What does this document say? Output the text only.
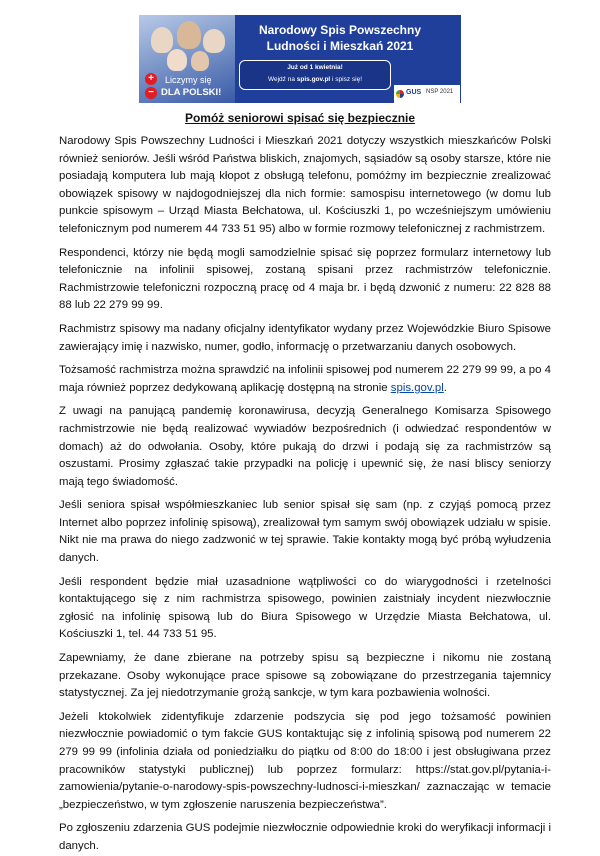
+
−
Liczymy się
DLA POLSKI!
Narodowy Spis Powszechny
Ludności i Mieszkań 2021
Już od 1 kwietnia!
Wejdź na spis.gov.pl i spisz się!
GUS NSP 2021
Pomóż seniorowi spisać się bezpiecznie

Narodowy Spis Powszechny Ludności i Mieszkań 2021 dotyczy wszystkich mieszkańców Polski również seniorów. Jeśli wśród Państwa bliskich, znajomych, sąsiadów są osoby starsze, które nie posiadają komputera lub mają kłopot z obsługą telefonu, pomóżmy im bezpiecznie zrealizować obowiązek spisowy w najdogodniejszej dla nich formie: samospisu internetowego (w domu lub punkcie spisowym – Urząd Miasta Bełchatowa, ul. Kościuszki 1, po wcześniejszym umówieniu telefonicznym pod numerem 44 733 51 95) albo w formie rozmowy telefonicznej z rachmistrzem.

Respondenci, którzy nie będą mogli samodzielnie spisać się poprzez formularz internetowy lub telefonicznie na infolinii spisowej, zostaną spisani przez rachmistrzów telefonicznie. Rachmistrzowie telefoniczni rozpoczną pracę od 4 maja br. i będą dzwonić z numeru: 22 828 88 88 lub 22 279 99 99.

Rachmistrz spisowy ma nadany oficjalny identyfikator wydany przez Wojewódzkie Biuro Spisowe zawierający imię i nazwisko, numer, godło, informację o przetwarzaniu danych osobowych.

Tożsamość rachmistrza można sprawdzić na infolinii spisowej pod numerem 22 279 99 99, a po 4 maja również poprzez dedykowaną aplikację dostępną na stronie spis.gov.pl.

Z uwagi na panującą pandemię koronawirusa, decyzją Generalnego Komisarza Spisowego rachmistrzowie nie będą realizować wywiadów bezpośrednich (i odwiedzać respondentów w domach) aż do odwołania. Osoby, które pukają do drzwi i podają się za rachmistrzów są oszustami. Prosimy zgłaszać takie przypadki na policję i upewnić się, że nasi bliscy seniorzy mają tego świadomość.

Jeśli seniora spisał współmieszkaniec lub senior spisał się sam (np. z czyjąś pomocą przez Internet albo poprzez infolinię spisową), zrealizował tym samym swój obowiązek udziału w spisie. Nikt nie ma prawa do niego zadzwonić w tej sprawie. Takie kontakty mogą być próbą wyłudzenia danych.

Jeśli respondent będzie miał uzasadnione wątpliwości co do wiarygodności i rzetelności kontaktującego się z nim rachmistrza spisowego, powinien zaistniały incydent niezwłocznie zgłosić na infolinię spisową lub do Biura Spisowego w Urzędzie Miasta Bełchatowa, ul. Kościuszki 1, tel. 44 733 51 95.

Zapewniamy, że dane zbierane na potrzeby spisu są bezpieczne i nikomu nie zostaną przekazane. Osoby wykonujące prace spisowe są zobowiązane do przestrzegania tajemnicy statystycznej. Za jej niedotrzymanie grożą sankcje, w tym kara pozbawienia wolności.

Jeżeli ktokolwiek zidentyfikuje zdarzenie podszycia się pod jego tożsamość powinien niezwłocznie powiadomić o tym fakcie GUS kontaktując się z infolinią spisową pod numerem 22 279 99 99 (infolinia działa od poniedziałku do piątku od 8:00 do 18:00 i jest obsługiwana przez pracowników statystyki publicznej) lub poprzez formularz: https://stat.gov.pl/pytania-i-zamowienia/pytanie-o-narodowy-spis-powszechny-ludnosci-i-mieszkan/ zaznaczając w temacie „bezpieczeństwo, w tym zgłoszenie naruszenia bezpieczeństwa”.

Po zgłoszeniu zdarzenia GUS podejmie niezwłocznie odpowiednie kroki do weryfikacji informacji i danych.
